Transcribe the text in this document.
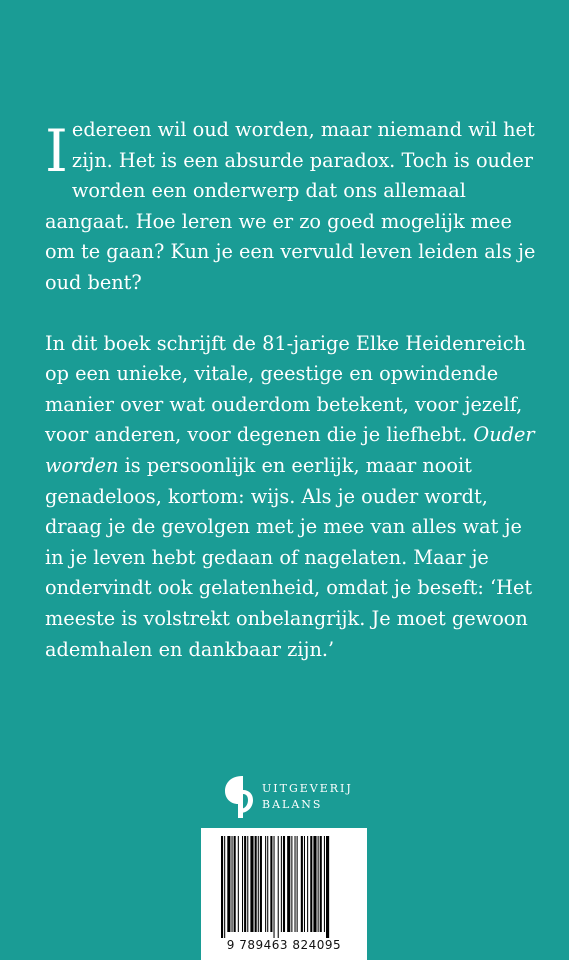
Iedereen wil oud worden, maar niemand wil het zijn. Het is een absurde paradox. Toch is ouder worden een onderwerp dat ons allemaal aangaat. Hoe leren we er zo goed mogelijk mee om te gaan? Kun je een vervuld leven leiden als je oud bent?

In dit boek schrijft de 81-jarige Elke Heidenreich op een unieke, vitale, geestige en opwindende manier over wat ouderdom betekent, voor jezelf, voor anderen, voor degenen die je liefhebt. Ouder worden is persoonlijk en eerlijk, maar nooit genadeloos, kortom: wijs. Als je ouder wordt, draag je de gevolgen met je mee van alles wat je in je leven hebt gedaan of nagelaten. Maar je ondervindt ook gelatenheid, omdat je beseft: ‘Het meeste is volstrekt onbelangrijk. Je moet gewoon ademhalen en dankbaar zijn.’

UITGEVERIJ
BALANS
9 789463 824095
